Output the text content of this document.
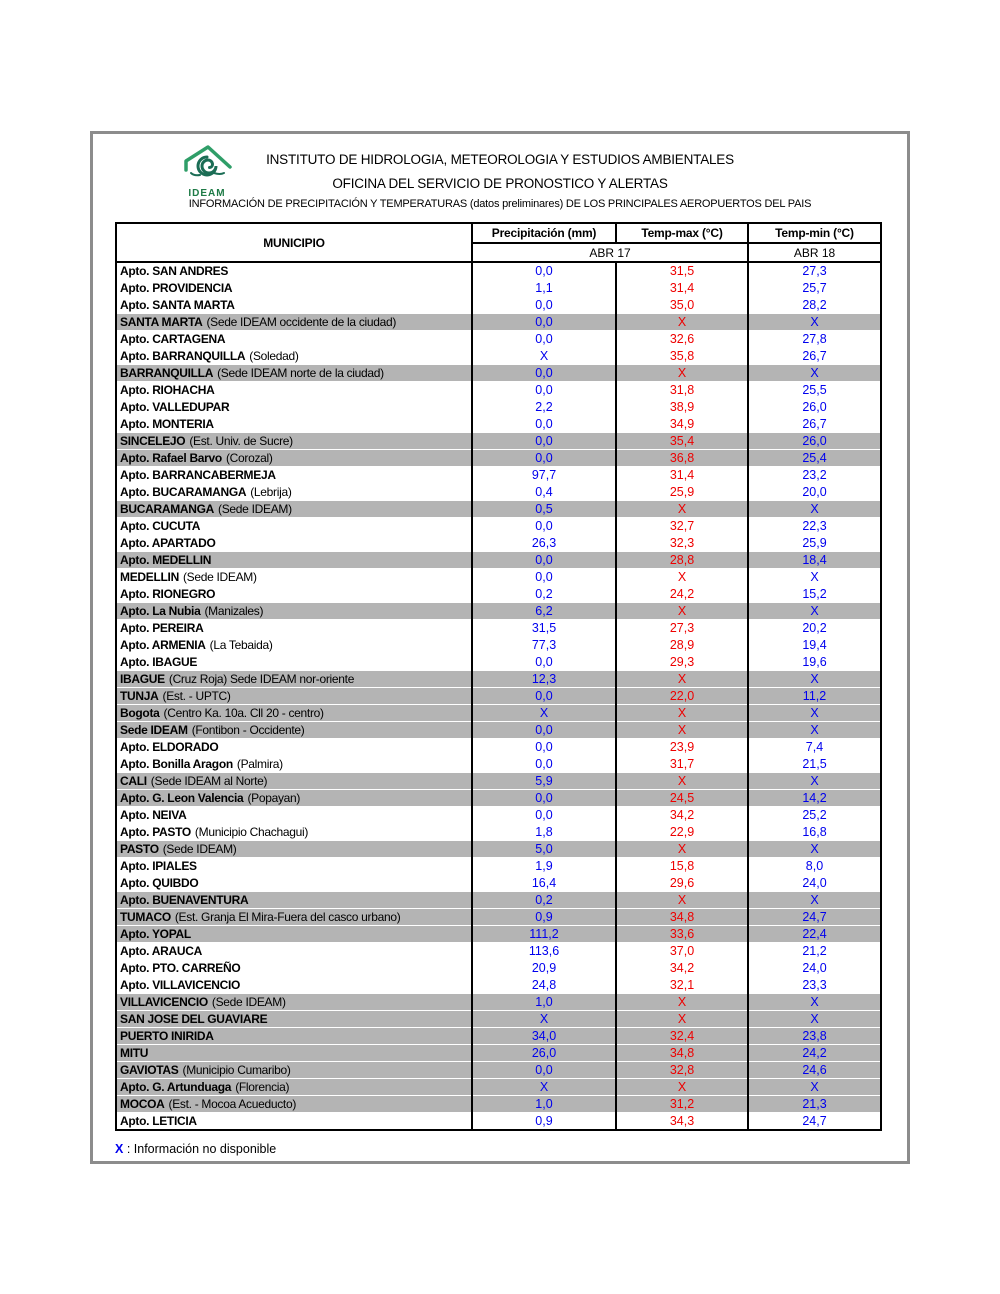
IDEAM
INSTITUTO DE HIDROLOGIA, METEOROLOGIA Y ESTUDIOS AMBIENTALES
OFICINA DEL SERVICIO DE PRONOSTICO Y ALERTAS
INFORMACIÓN DE PRECIPITACIÓN Y TEMPERATURAS (datos preliminares) DE LOS PRINCIPALES AEROPUERTOS DEL PAIS
MUNICIPIO	Precipitación (mm)	Temp-max (°C)	Temp-min (°C)
	ABR 17		ABR 18
Apto. SAN ANDRES	0,0	31,5	27,3
Apto. PROVIDENCIA	1,1	31,4	25,7
Apto. SANTA MARTA	0,0	35,0	28,2
SANTA MARTA (Sede IDEAM occidente de la ciudad)	0,0	X	X
Apto. CARTAGENA	0,0	32,6	27,8
Apto. BARRANQUILLA (Soledad)	X	35,8	26,7
BARRANQUILLA (Sede IDEAM norte de la ciudad)	0,0	X	X
Apto. RIOHACHA	0,0	31,8	25,5
Apto. VALLEDUPAR	2,2	38,9	26,0
Apto. MONTERIA	0,0	34,9	26,7
SINCELEJO (Est. Univ. de Sucre)	0,0	35,4	26,0
Apto. Rafael Barvo (Corozal)	0,0	36,8	25,4
Apto. BARRANCABERMEJA	97,7	31,4	23,2
Apto. BUCARAMANGA (Lebrija)	0,4	25,9	20,0
BUCARAMANGA (Sede IDEAM)	0,5	X	X
Apto. CUCUTA	0,0	32,7	22,3
Apto. APARTADO	26,3	32,3	25,9
Apto. MEDELLIN	0,0	28,8	18,4
MEDELLIN (Sede IDEAM)	0,0	X	X
Apto. RIONEGRO	0,2	24,2	15,2
Apto. La Nubia (Manizales)	6,2	X	X
Apto. PEREIRA	31,5	27,3	20,2
Apto. ARMENIA (La Tebaida)	77,3	28,9	19,4
Apto. IBAGUE	0,0	29,3	19,6
IBAGUE (Cruz Roja) Sede IDEAM nor-oriente	12,3	X	X
TUNJA (Est. - UPTC)	0,0	22,0	11,2
Bogota (Centro Ka. 10a. Cll 20 - centro)	X	X	X
Sede IDEAM (Fontibon - Occidente)	0,0	X	X
Apto. ELDORADO	0,0	23,9	7,4
Apto. Bonilla Aragon (Palmira)	0,0	31,7	21,5
CALI (Sede IDEAM al Norte)	5,9	X	X
Apto. G. Leon Valencia (Popayan)	0,0	24,5	14,2
Apto. NEIVA	0,0	34,2	25,2
Apto. PASTO (Municipio Chachagui)	1,8	22,9	16,8
PASTO (Sede IDEAM)	5,0	X	X
Apto. IPIALES	1,9	15,8	8,0
Apto. QUIBDO	16,4	29,6	24,0
Apto. BUENAVENTURA	0,2	X	X
TUMACO (Est. Granja El Mira-Fuera del casco urbano)	0,9	34,8	24,7
Apto. YOPAL	111,2	33,6	22,4
Apto. ARAUCA	113,6	37,0	21,2
Apto. PTO. CARREÑO	20,9	34,2	24,0
Apto. VILLAVICENCIO	24,8	32,1	23,3
VILLAVICENCIO (Sede IDEAM)	1,0	X	X
SAN JOSE DEL GUAVIARE	X	X	X
PUERTO INIRIDA	34,0	32,4	23,8
MITU	26,0	34,8	24,2
GAVIOTAS (Municipio Cumaribo)	0,0	32,8	24,6
Apto. G. Artunduaga (Florencia)	X	X	X
MOCOA (Est. - Mocoa Acueducto)	1,0	31,2	21,3
Apto. LETICIA	0,9	34,3	24,7
X : Información no disponible
